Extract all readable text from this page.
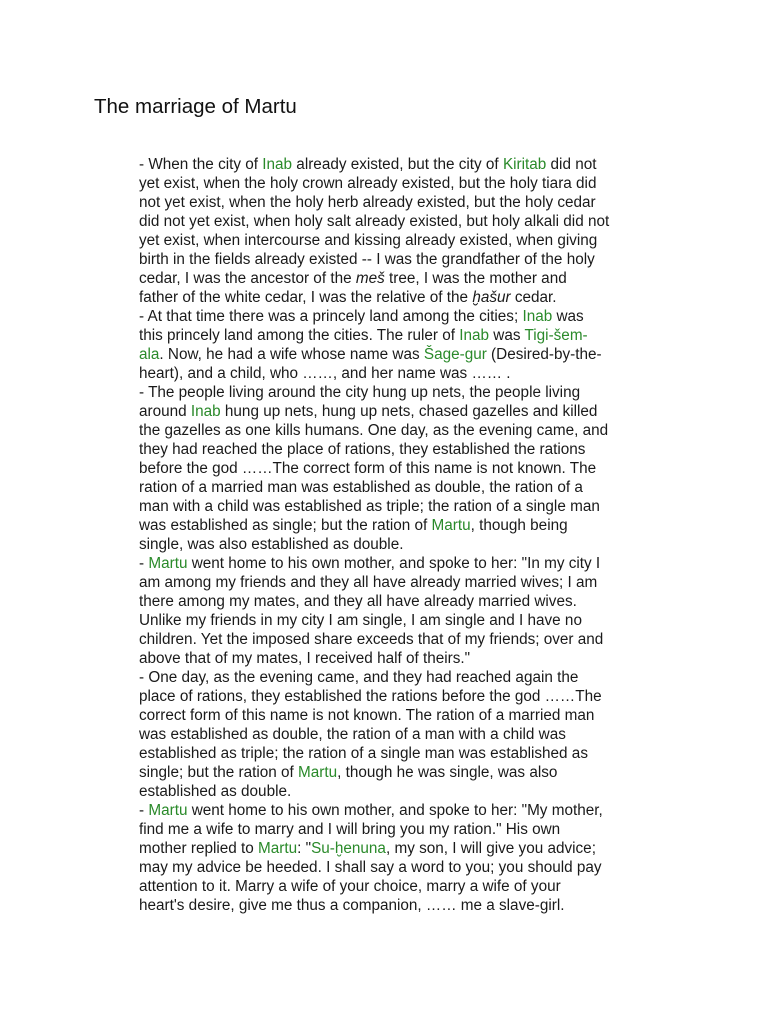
The marriage of Martu

- When the city of Inab already existed, but the city of Kiritab did not
yet exist, when the holy crown already existed, but the holy tiara did
not yet exist, when the holy herb already existed, but the holy cedar
did not yet exist, when holy salt already existed, but holy alkali did not
yet exist, when intercourse and kissing already existed, when giving
birth in the fields already existed -- I was the grandfather of the holy
cedar, I was the ancestor of the meš tree, I was the mother and
father of the white cedar, I was the relative of the ḫašur cedar.

- At that time there was a princely land among the cities; Inab was
this princely land among the cities. The ruler of Inab was Tigi-šem-
ala. Now, he had a wife whose name was Šage-gur (Desired-by-the-
heart), and a child, who ……, and her name was …… .

- The people living around the city hung up nets, the people living
around Inab hung up nets, hung up nets, chased gazelles and killed
the gazelles as one kills humans. One day, as the evening came, and
they had reached the place of rations, they established the rations
before the god ……The correct form of this name is not known. The
ration of a married man was established as double, the ration of a
man with a child was established as triple; the ration of a single man
was established as single; but the ration of Martu, though being
single, was also established as double.

- Martu went home to his own mother, and spoke to her: "In my city I
am among my friends and they all have already married wives; I am
there among my mates, and they all have already married wives.
Unlike my friends in my city I am single, I am single and I have no
children. Yet the imposed share exceeds that of my friends; over and
above that of my mates, I received half of theirs."

- One day, as the evening came, and they had reached again the
place of rations, they established the rations before the god ……The
correct form of this name is not known. The ration of a married man
was established as double, the ration of a man with a child was
established as triple; the ration of a single man was established as
single; but the ration of Martu, though he was single, was also
established as double.

- Martu went home to his own mother, and spoke to her: "My mother,
find me a wife to marry and I will bring you my ration." His own
mother replied to Martu: "Su-ḫenuna, my son, I will give you advice;
may my advice be heeded. I shall say a word to you; you should pay
attention to it. Marry a wife of your choice, marry a wife of your
heart's desire, give me thus a companion, …… me a slave-girl.
